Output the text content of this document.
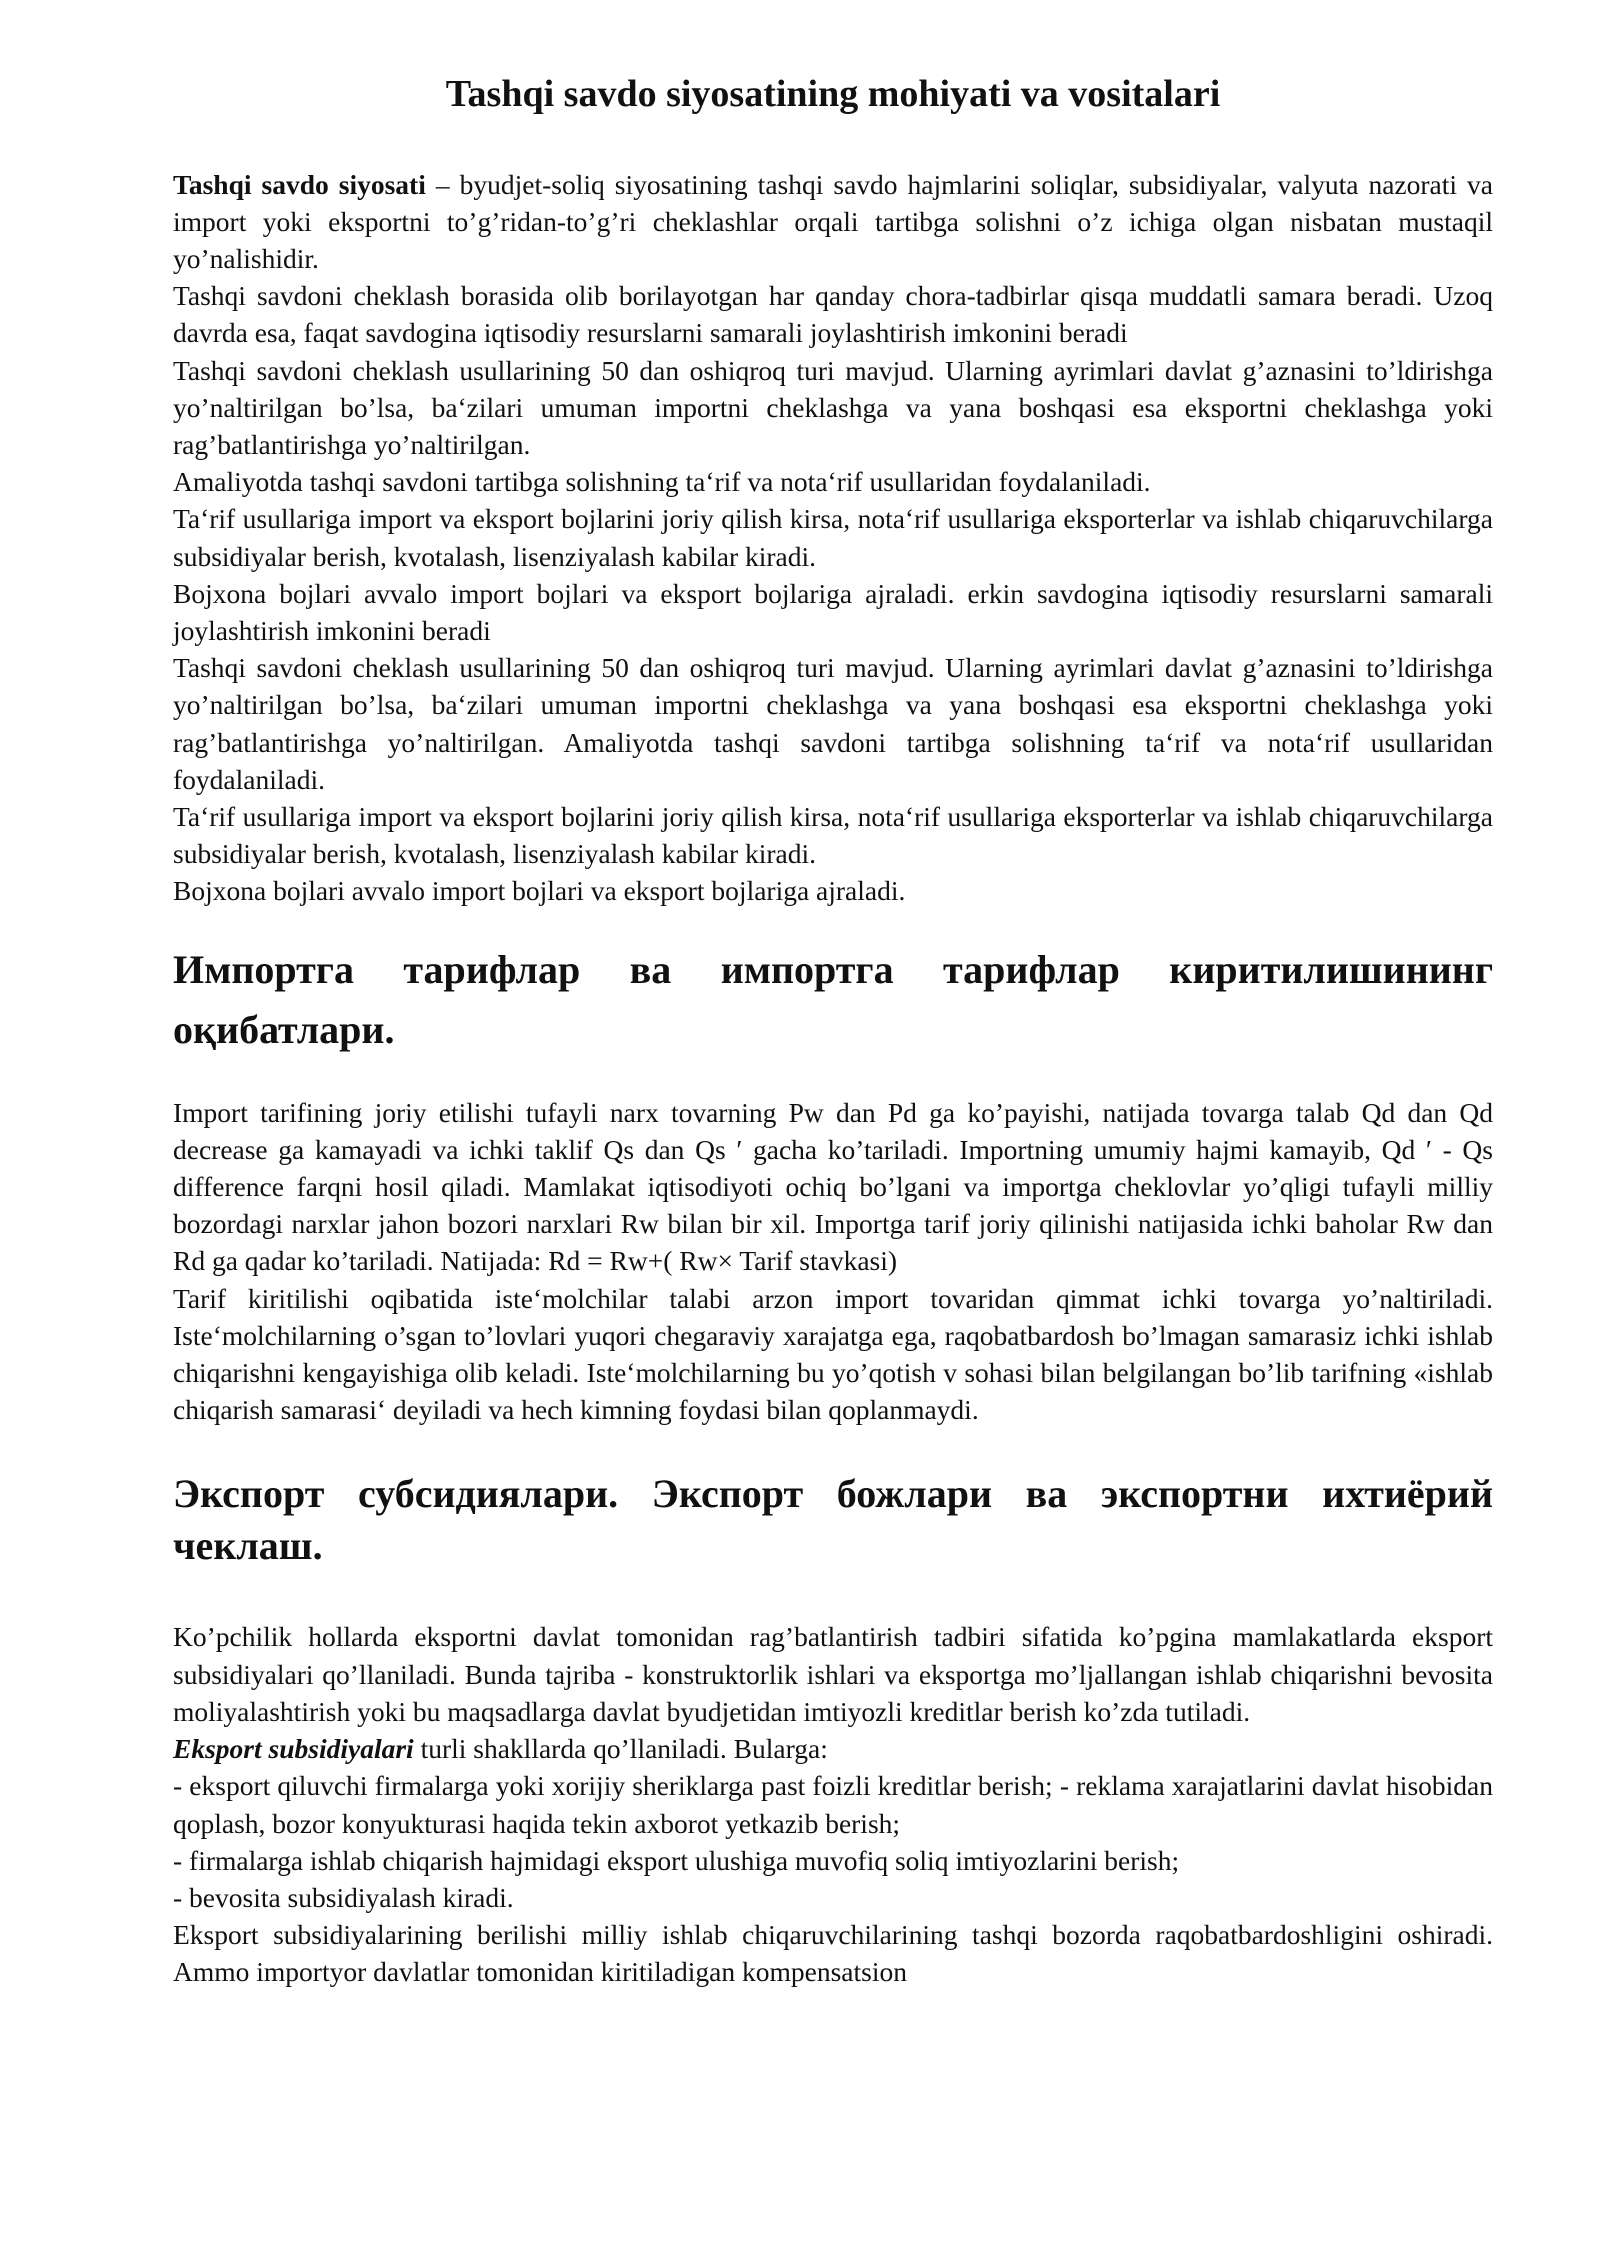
Tashqi savdo siyosatining mohiyati va vositalari

Tashqi savdo siyosati – byudjet-soliq siyosatining tashqi savdo hajmlarini soliqlar, subsidiyalar, valyuta nazorati va import yoki eksportni to’g’ridan-to’g’ri cheklashlar orqali tartibga solishni o’z ichiga olgan nisbatan mustaqil yo’nalishidir.

Tashqi savdoni cheklash borasida olib borilayotgan har qanday chora-tadbirlar qisqa muddatli samara beradi. Uzoq davrda esa, faqat savdogina iqtisodiy resurslarni samarali joylashtirish imkonini beradi

Tashqi savdoni cheklash usullarining 50 dan oshiqroq turi mavjud. Ularning ayrimlari davlat g’aznasini to’ldirishga yo’naltirilgan bo’lsa, ba‘zilari umuman importni cheklashga va yana boshqasi esa eksportni cheklashga yoki rag’batlantirishga yo’naltirilgan.

Amaliyotda tashqi savdoni tartibga solishning ta‘rif va nota‘rif usullaridan foydalaniladi.

Ta‘rif usullariga import va eksport bojlarini joriy qilish kirsa, nota‘rif usullariga eksporterlar va ishlab chiqaruvchilarga subsidiyalar berish, kvotalash, lisenziyalash kabilar kiradi.

Bojxona bojlari avvalo import bojlari va eksport bojlariga ajraladi. erkin savdogina iqtisodiy resurslarni samarali joylashtirish imkonini beradi

Tashqi savdoni cheklash usullarining 50 dan oshiqroq turi mavjud. Ularning ayrimlari davlat g’aznasini to’ldirishga yo’naltirilgan bo’lsa, ba‘zilari umuman importni cheklashga va yana boshqasi esa eksportni cheklashga yoki rag’batlantirishga yo’naltirilgan. Amaliyotda tashqi savdoni tartibga solishning ta‘rif va nota‘rif usullaridan foydalaniladi.

Ta‘rif usullariga import va eksport bojlarini joriy qilish kirsa, nota‘rif usullariga eksporterlar va ishlab chiqaruvchilarga subsidiyalar berish, kvotalash, lisenziyalash kabilar kiradi.

Bojxona bojlari avvalo import bojlari va eksport bojlariga ajraladi.

Импортга тарифлар ва импортга тарифлар киритилишининг оқибатлари.

Import tarifining joriy etilishi tufayli narx tovarning Pw dan Pd ga ko’payishi, natijada tovarga talab Qd dan Qd decrease ga kamayadi va ichki taklif Qs dan Qs ′ gacha ko’tariladi. Importning umumiy hajmi kamayib, Qd ′ - Qs difference farqni hosil qiladi. Mamlakat iqtisodiyoti ochiq bo’lgani va importga cheklovlar yo’qligi tufayli milliy bozordagi narxlar jahon bozori narxlari Rw bilan bir xil. Importga tarif joriy qilinishi natijasida ichki baholar Rw dan Rd ga qadar ko’tariladi. Natijada: Rd = Rw+( Rw× Tarif stavkasi)

Tarif kiritilishi oqibatida iste‘molchilar talabi arzon import tovaridan qimmat ichki tovarga yo’naltiriladi. Iste‘molchilarning o’sgan to’lovlari yuqori chegaraviy xarajatga ega, raqobatbardosh bo’lmagan samarasiz ichki ishlab chiqarishni kengayishiga olib keladi. Iste‘molchilarning bu yo’qotish v sohasi bilan belgilangan bo’lib tarifning «ishlab chiqarish samarasi‘ deyiladi va hech kimning foydasi bilan qoplanmaydi.

Экспорт субсидиялари. Экспорт божлари ва экспортни ихтиёрий чеклаш.

Ko’pchilik hollarda eksportni davlat tomonidan rag’batlantirish tadbiri sifatida ko’pgina mamlakatlarda eksport subsidiyalari qo’llaniladi. Bunda tajriba - konstruktorlik ishlari va eksportga mo’ljallangan ishlab chiqarishni bevosita moliyalashtirish yoki bu maqsadlarga davlat byudjetidan imtiyozli kreditlar berish ko’zda tutiladi.

Eksport subsidiyalari turli shakllarda qo’llaniladi. Bularga:

- eksport qiluvchi firmalarga yoki xorijiy sheriklarga past foizli kreditlar berish; - reklama xarajatlarini davlat hisobidan qoplash, bozor konyukturasi haqida tekin axborot yetkazib berish;

- firmalarga ishlab chiqarish hajmidagi eksport ulushiga muvofiq soliq imtiyozlarini berish;

- bevosita subsidiyalash kiradi.

Eksport subsidiyalarining berilishi milliy ishlab chiqaruvchilarining tashqi bozorda raqobatbardoshligini oshiradi. Ammo importyor davlatlar tomonidan kiritiladigan kompensatsion
